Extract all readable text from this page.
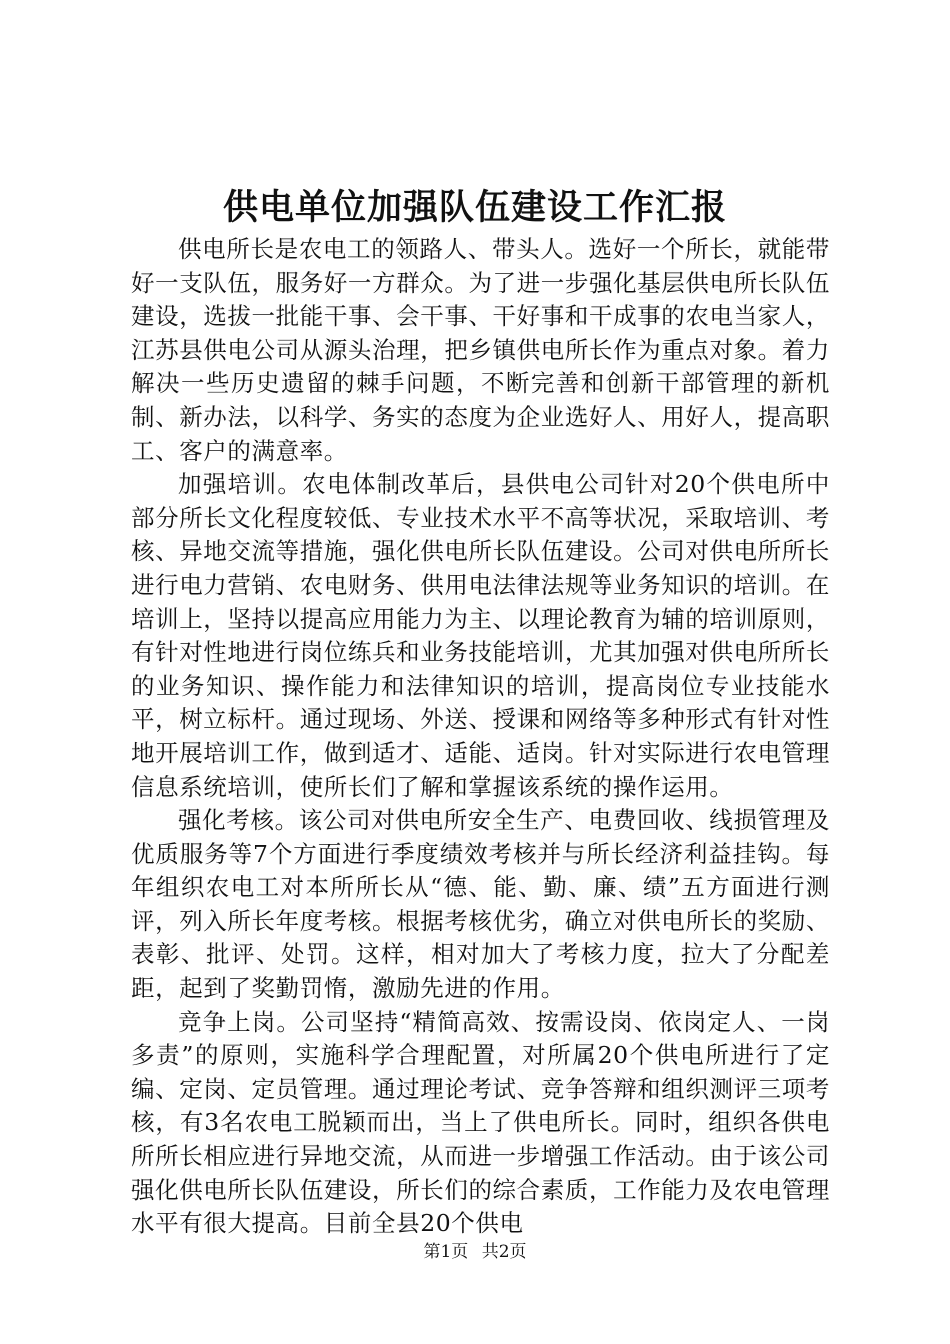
供电单位加强队伍建设工作汇报

供电所长是农电工的领路人、带头人。选好一个所长，就能带好一支队伍，服务好一方群众。为了进一步强化基层供电所长队伍建设，选拔一批能干事、会干事、干好事和干成事的农电当家人，江苏县供电公司从源头治理，把乡镇供电所长作为重点对象。着力解决一些历史遗留的棘手问题，不断完善和创新干部管理的新机制、新办法，以科学、务实的态度为企业选好人、用好人，提高职工、客户的满意率。

加强培训。农电体制改革后，县供电公司针对20个供电所中部分所长文化程度较低、专业技术水平不高等状况，采取培训、考核、异地交流等措施，强化供电所长队伍建设。公司对供电所所长进行电力营销、农电财务、供用电法律法规等业务知识的培训。在培训上，坚持以提高应用能力为主、以理论教育为辅的培训原则，有针对性地进行岗位练兵和业务技能培训，尤其加强对供电所所长的业务知识、操作能力和法律知识的培训，提高岗位专业技能水平，树立标杆。通过现场、外送、授课和网络等多种形式有针对性地开展培训工作，做到适才、适能、适岗。针对实际进行农电管理信息系统培训，使所长们了解和掌握该系统的操作运用。

强化考核。该公司对供电所安全生产、电费回收、线损管理及优质服务等7个方面进行季度绩效考核并与所长经济利益挂钩。每年组织农电工对本所所长从“德、能、勤、廉、绩”五方面进行测评，列入所长年度考核。根据考核优劣，确立对供电所长的奖励、表彰、批评、处罚。这样，相对加大了考核力度，拉大了分配差距，起到了奖勤罚惰，激励先进的作用。

竞争上岗。公司坚持“精简高效、按需设岗、依岗定人、一岗多责”的原则，实施科学合理配置，对所属20个供电所进行了定编、定岗、定员管理。通过理论考试、竞争答辩和组织测评三项考核，有3名农电工脱颖而出，当上了供电所长。同时，组织各供电所所长相应进行异地交流，从而进一步增强工作活动。由于该公司强化供电所长队伍建设，所长们的综合素质，工作能力及农电管理水平有很大提高。目前全县20个供电

第1页 共2页
